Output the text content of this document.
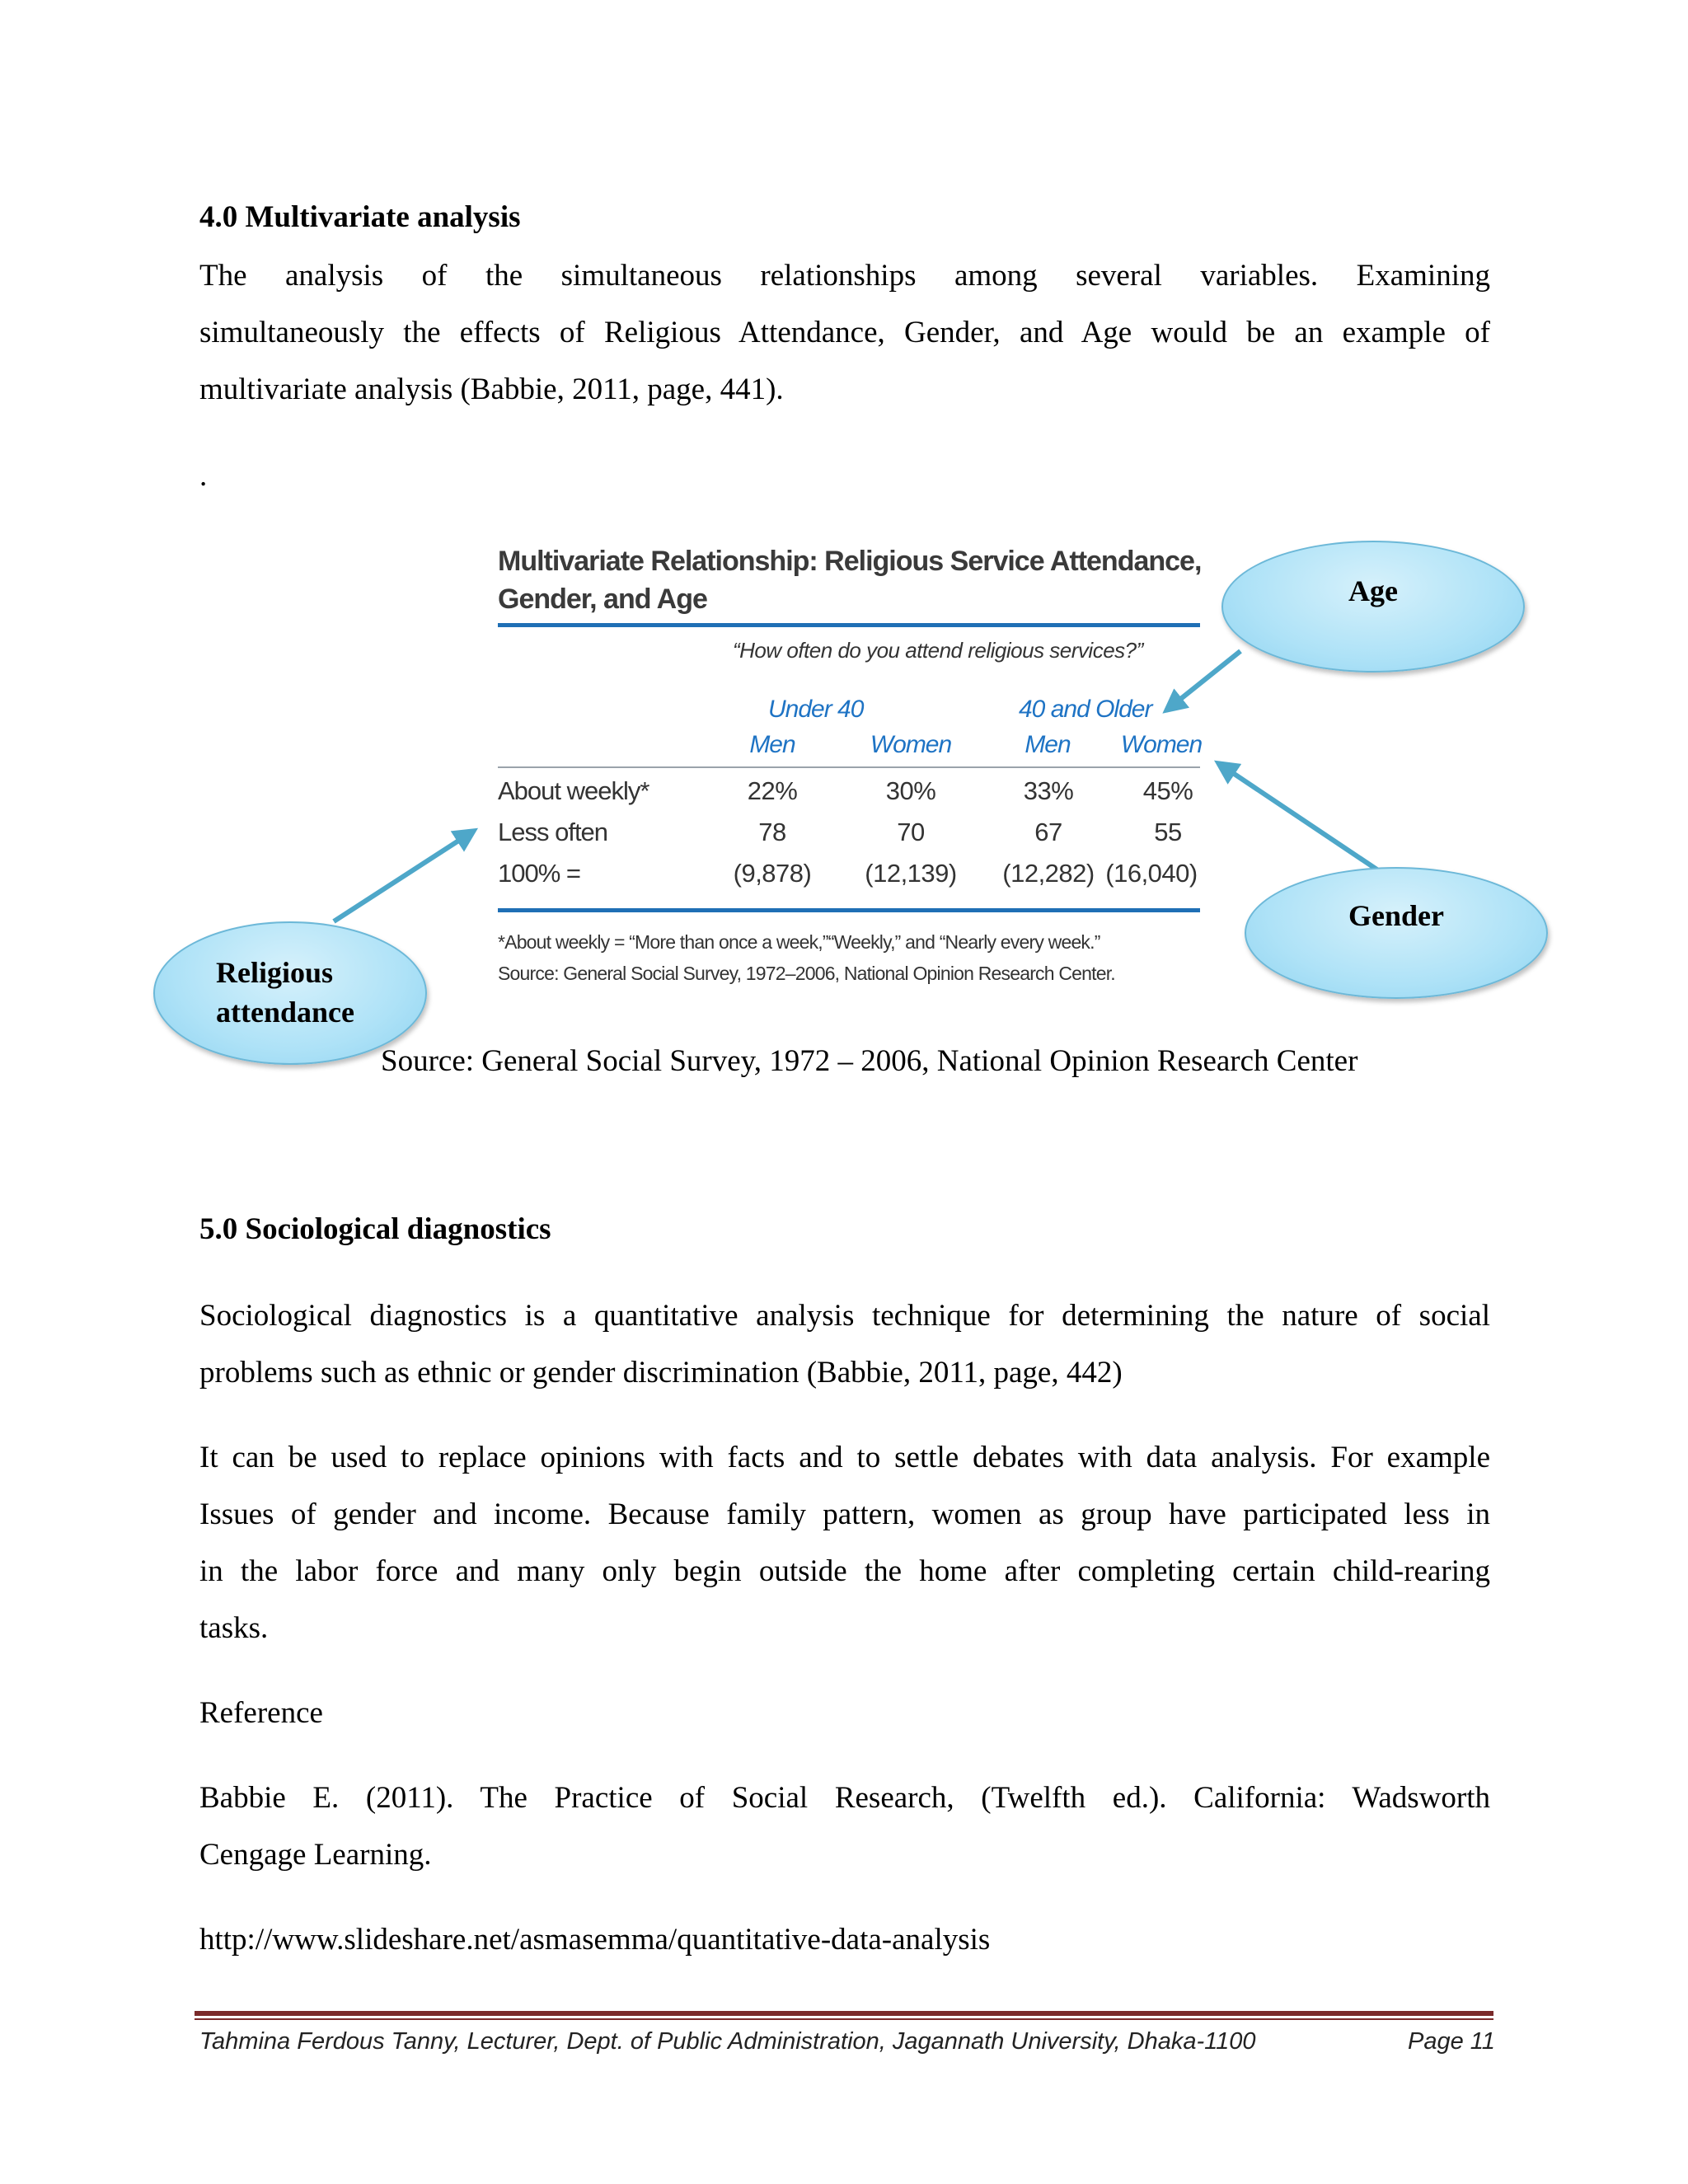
4.0 Multivariate analysis
The analysis of the simultaneous relationships among several variables. Examining
simultaneously the effects of Religious Attendance, Gender, and Age would be an example of
multivariate analysis (Babbie, 2011, page, 441).
.
Multivariate Relationship: Religious Service Attendance,
Gender, and Age
“How often do you attend religious services?”
Under 40	40 and Older
Men	Women	Men	Women
About weekly*	22%	30%	33%	45%
Less often	78	70	67	55
100% =	(9,878)	(12,139)	(12,282) (16,040)
*About weekly = “More than once a week,”“Weekly,” and “Nearly every week.”
Source: General Social Survey, 1972–2006, National Opinion Research Center.
Age
Gender
Religious
attendance
Source: General Social Survey, 1972 – 2006, National Opinion Research Center
5.0 Sociological diagnostics
Sociological diagnostics is a quantitative analysis technique for determining the nature of social
problems such as ethnic or gender discrimination (Babbie, 2011, page, 442)
It can be used to replace opinions with facts and to settle debates with data analysis. For example
Issues of gender and income. Because family pattern, women as group have participated less in
in the labor force and many only begin outside the home after completing certain child-rearing
tasks.
Reference
Babbie E. (2011). The Practice of Social Research, (Twelfth ed.). California: Wadsworth
Cengage Learning.
http://www.slideshare.net/asmasemma/quantitative-data-analysis
Tahmina Ferdous Tanny, Lecturer, Dept. of Public Administration, Jagannath University, Dhaka-1100	Page 11
